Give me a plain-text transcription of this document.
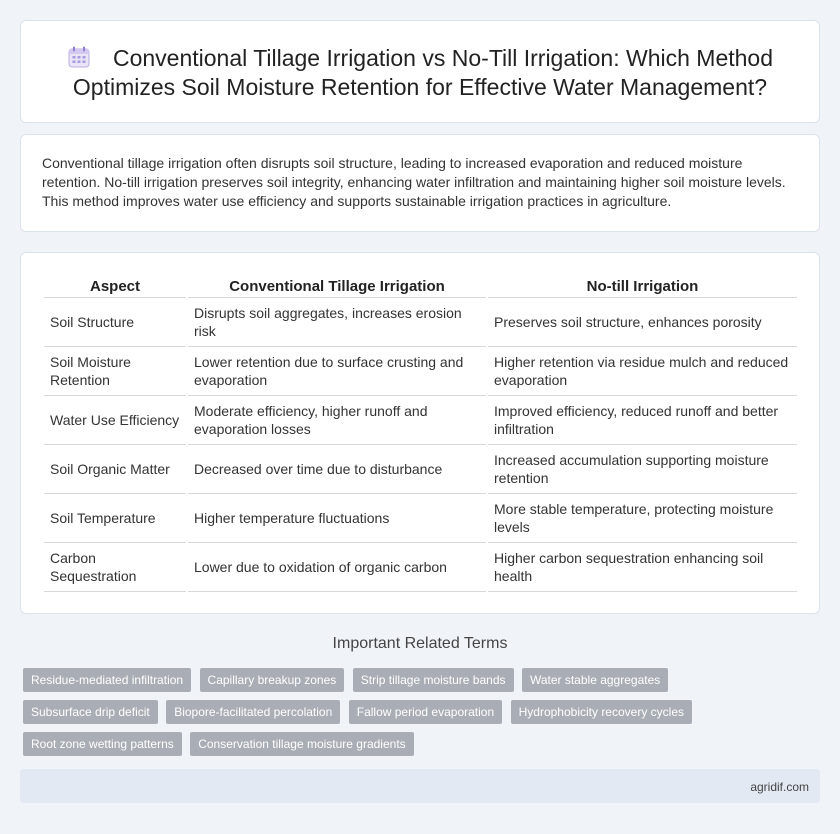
Conventional Tillage Irrigation vs No-Till Irrigation: Which Method Optimizes Soil Moisture Retention for Effective Water Management?

Conventional tillage irrigation often disrupts soil structure, leading to increased evaporation and reduced moisture retention. No-till irrigation preserves soil integrity, enhancing water infiltration and maintaining higher soil moisture levels. This method improves water use efficiency and supports sustainable irrigation practices in agriculture.

Aspect	Conventional Tillage Irrigation	No-till Irrigation
Soil Structure	Disrupts soil aggregates, increases erosion risk	Preserves soil structure, enhances porosity
Soil Moisture Retention	Lower retention due to surface crusting and evaporation	Higher retention via residue mulch and reduced evaporation
Water Use Efficiency	Moderate efficiency, higher runoff and evaporation losses	Improved efficiency, reduced runoff and better infiltration
Soil Organic Matter	Decreased over time due to disturbance	Increased accumulation supporting moisture retention
Soil Temperature	Higher temperature fluctuations	More stable temperature, protecting moisture levels
Carbon Sequestration	Lower due to oxidation of organic carbon	Higher carbon sequestration enhancing soil health
Important Related Terms
Residue-mediated infiltration Capillary breakup zones Strip tillage moisture bands Water stable aggregates Subsurface drip deficit Biopore-facilitated percolation Fallow period evaporation Hydrophobicity recovery cycles Root zone wetting patterns Conservation tillage moisture gradients
agridif.com
